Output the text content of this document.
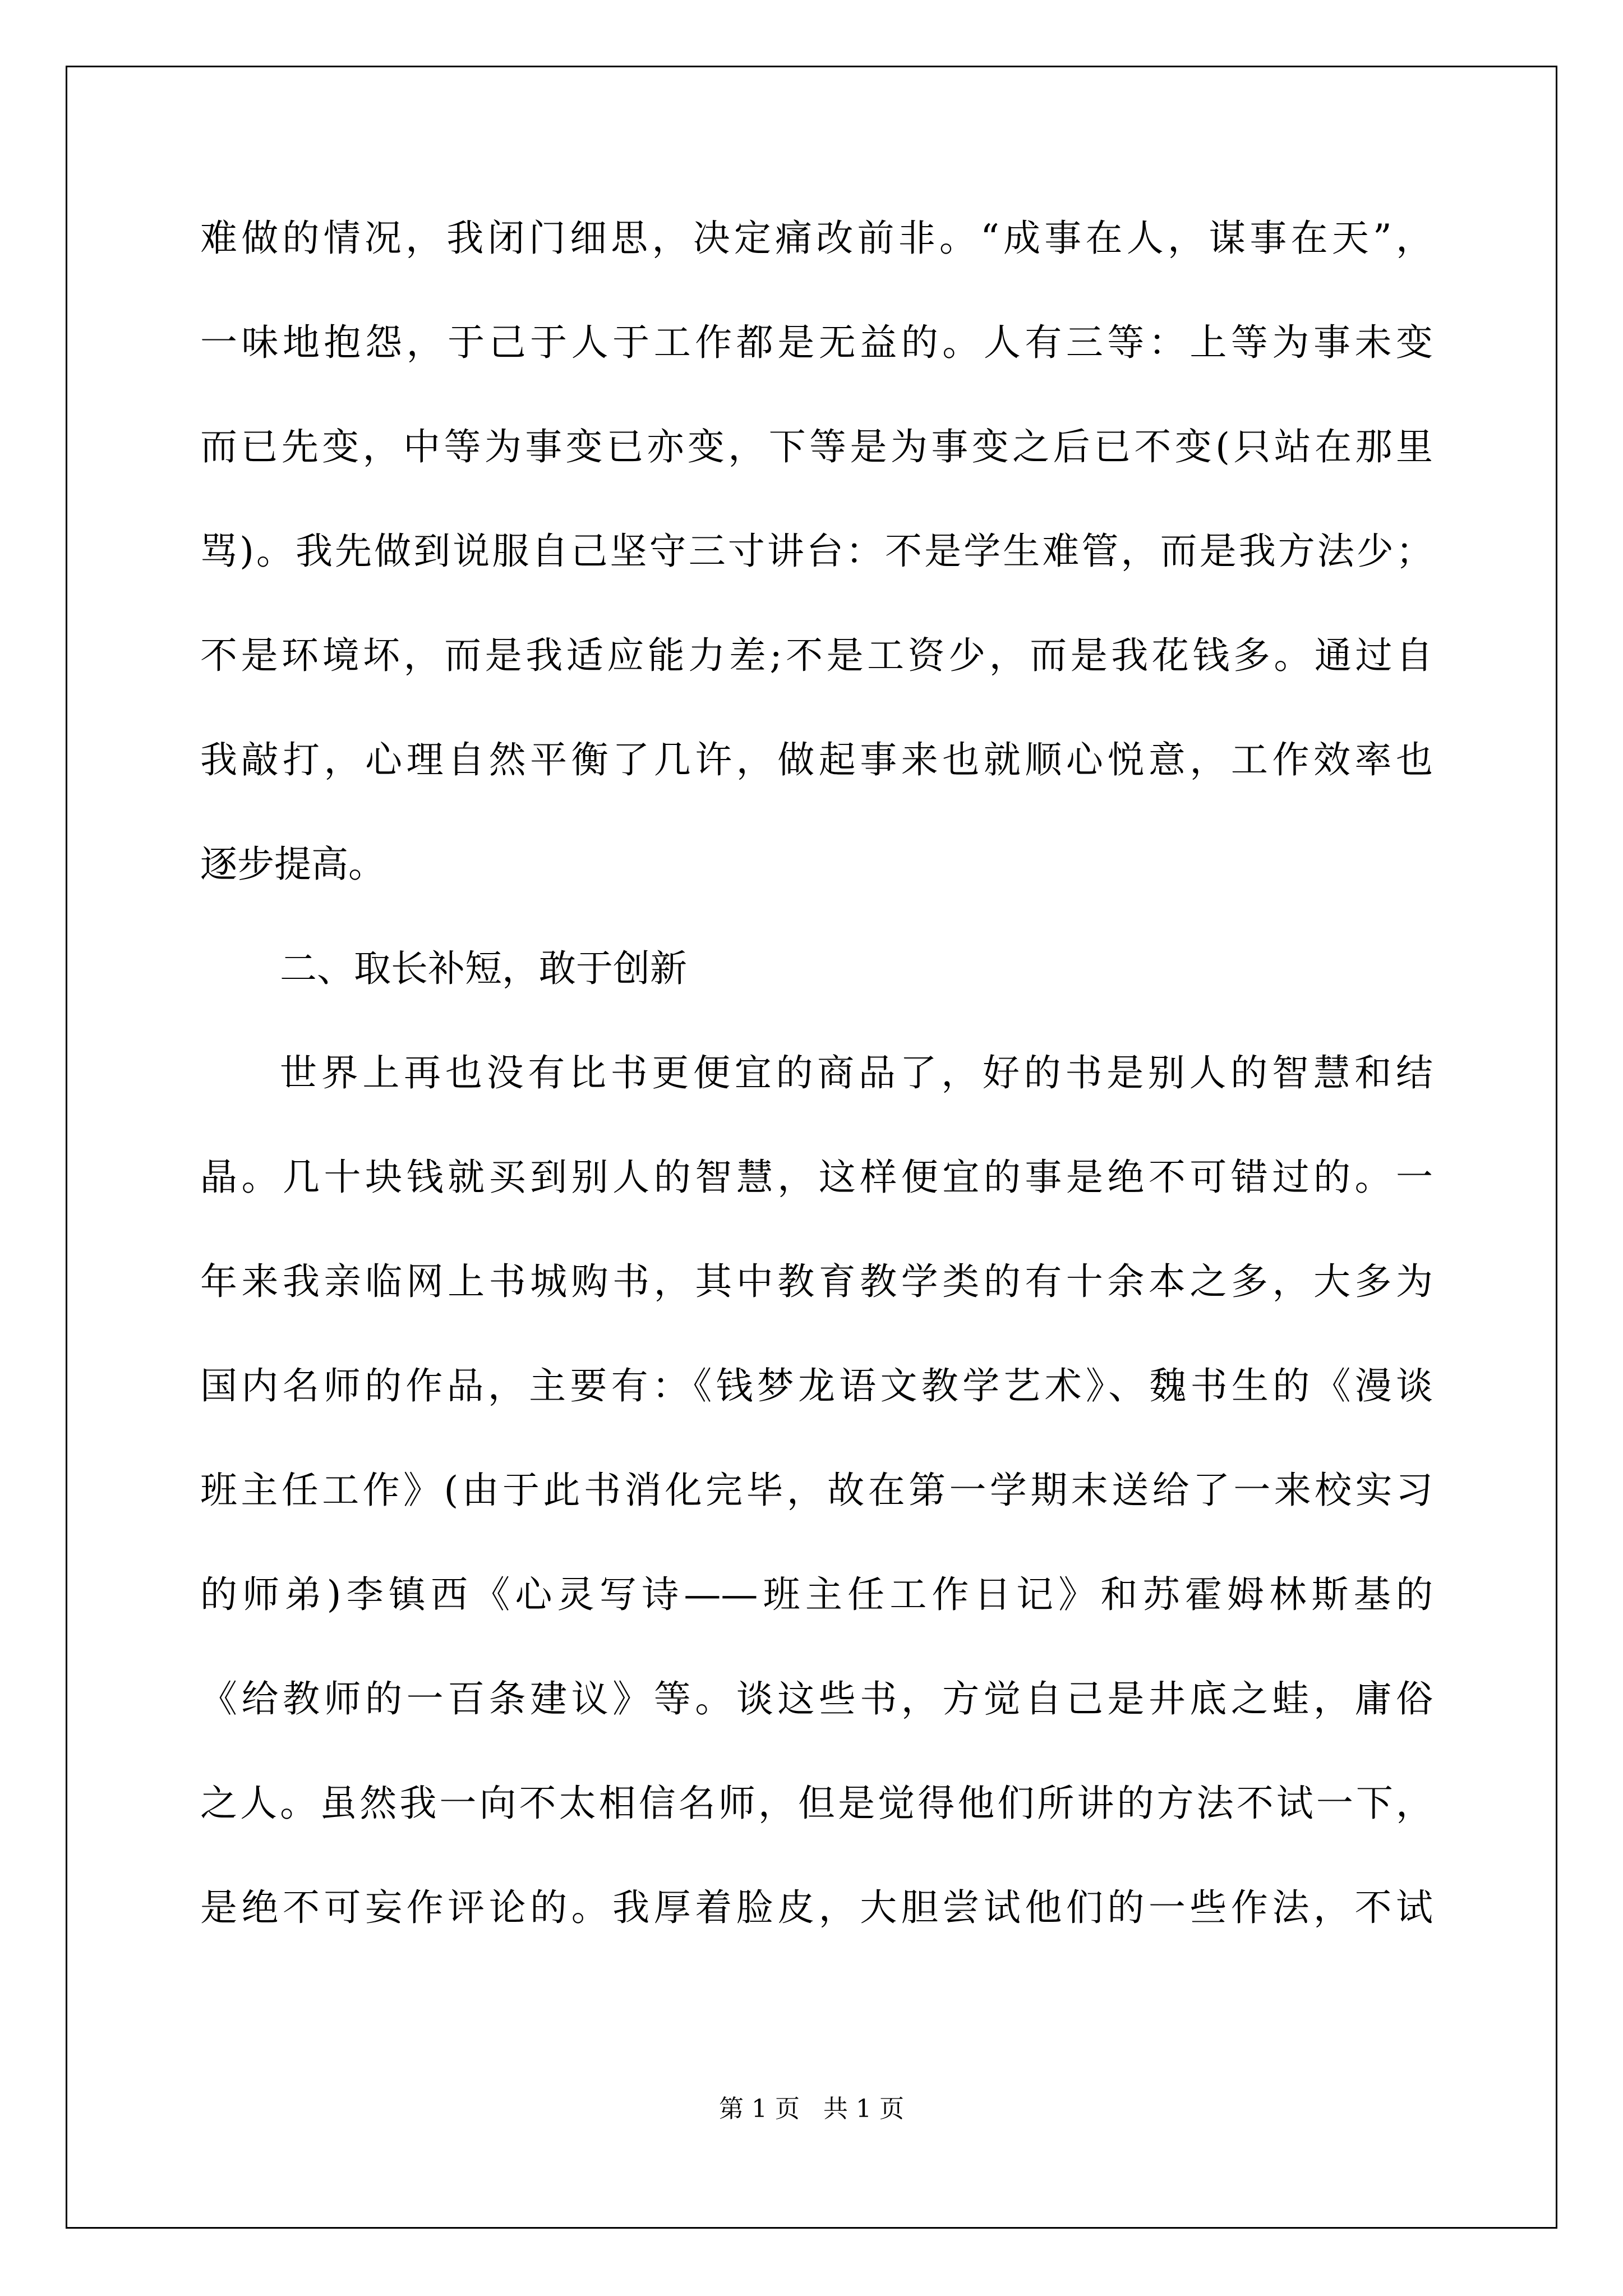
难做的情况，我闭门细思，决定痛改前非。“成事在人，谋事在天”，
一味地抱怨，于己于人于工作都是无益的。人有三等：上等为事未变
而已先变，中等为事变已亦变，下等是为事变之后已不变(只站在那里
骂)。我先做到说服自己坚守三寸讲台：不是学生难管，而是我方法少；
不是环境坏，而是我适应能力差;不是工资少，而是我花钱多。通过自
我敲打，心理自然平衡了几许，做起事来也就顺心悦意，工作效率也
逐步提高。
二、取长补短，敢于创新
世界上再也没有比书更便宜的商品了，好的书是别人的智慧和结
晶。几十块钱就买到别人的智慧，这样便宜的事是绝不可错过的。一
年来我亲临网上书城购书，其中教育教学类的有十余本之多，大多为
国内名师的作品，主要有：《钱梦龙语文教学艺术》、魏书生的《漫谈
班主任工作》(由于此书消化完毕，故在第一学期末送给了一来校实习
的师弟)李镇西《心灵写诗——班主任工作日记》和苏霍姆林斯基的
《给教师的一百条建议》等。谈这些书，方觉自己是井底之蛙，庸俗
之人。虽然我一向不太相信名师，但是觉得他们所讲的方法不试一下，
是绝不可妄作评论的。我厚着脸皮，大胆尝试他们的一些作法，不试
第 1 页   共 1 页
